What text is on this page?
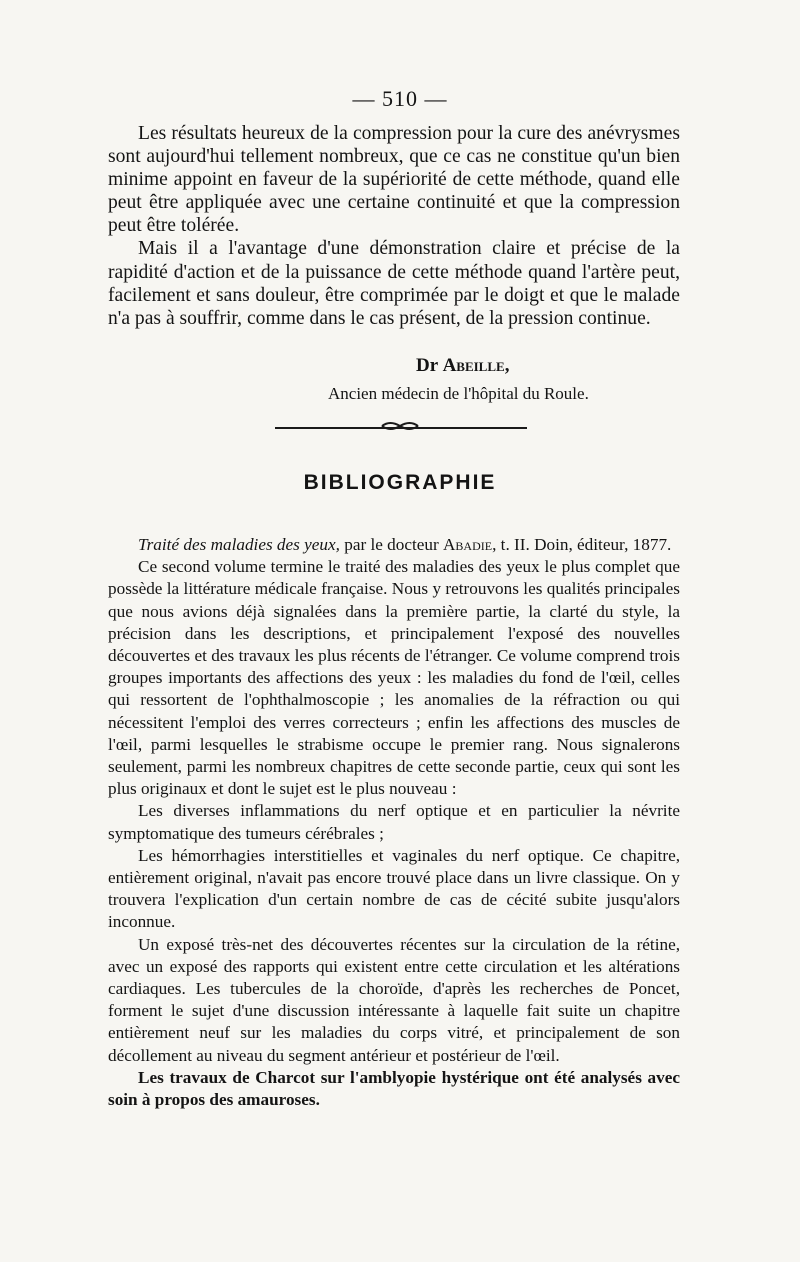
— 510 —

Les résultats heureux de la compression pour la cure des anévrysmes sont aujourd'hui tellement nombreux, que ce cas ne constitue qu'un bien minime appoint en faveur de la supériorité de cette méthode, quand elle peut être appliquée avec une certaine continuité et que la compression peut être tolérée.

Mais il a l'avantage d'une démonstration claire et précise de la rapidité d'action et de la puissance de cette méthode quand l'artère peut, facilement et sans douleur, être comprimée par le doigt et que le malade n'a pas à souffrir, comme dans le cas présent, de la pression continue.

Dr Abeille,
Ancien médecin de l'hôpital du Roule.
BIBLIOGRAPHIE

Traité des maladies des yeux, par le docteur Abadie, t. II. Doin, éditeur, 1877.

Ce second volume termine le traité des maladies des yeux le plus complet que possède la littérature médicale française. Nous y retrouvons les qualités principales que nous avions déjà signalées dans la première partie, la clarté du style, la précision dans les descriptions, et principalement l'exposé des nouvelles découvertes et des travaux les plus récents de l'étranger. Ce volume comprend trois groupes importants des affections des yeux : les maladies du fond de l'œil, celles qui ressortent de l'ophthalmoscopie ; les anomalies de la réfraction ou qui nécessitent l'emploi des verres correcteurs ; enfin les affections des muscles de l'œil, parmi lesquelles le strabisme occupe le premier rang. Nous signalerons seulement, parmi les nombreux chapitres de cette seconde partie, ceux qui sont les plus originaux et dont le sujet est le plus nouveau :

Les diverses inflammations du nerf optique et en particulier la névrite symptomatique des tumeurs cérébrales ;

Les hémorrhagies interstitielles et vaginales du nerf optique. Ce chapitre, entièrement original, n'avait pas encore trouvé place dans un livre classique. On y trouvera l'explication d'un certain nombre de cas de cécité subite jusqu'alors inconnue.

Un exposé très-net des découvertes récentes sur la circulation de la rétine, avec un exposé des rapports qui existent entre cette circulation et les altérations cardiaques. Les tubercules de la choroïde, d'après les recherches de Poncet, forment le sujet d'une discussion intéressante à laquelle fait suite un chapitre entièrement neuf sur les maladies du corps vitré, et principalement de son décollement au niveau du segment antérieur et postérieur de l'œil.

Les travaux de Charcot sur l'amblyopie hystérique ont été analysés avec soin à propos des amauroses.
